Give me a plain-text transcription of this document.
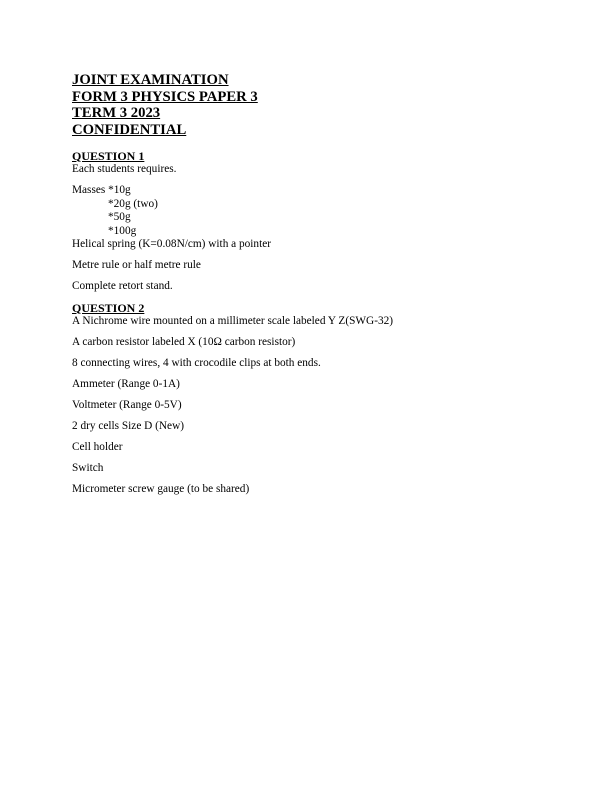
JOINT EXAMINATION

FORM 3 PHYSICS PAPER 3

TERM 3 2023

CONFIDENTIAL

QUESTION 1

Each students requires.

Masses *10g

*20g (two)

*50g

*100g

Helical spring (K=0.08N/cm) with a pointer

Metre rule or half metre rule

Complete retort stand.

QUESTION 2

A Nichrome wire mounted on a millimeter scale labeled Y Z(SWG-32)

A carbon resistor labeled X (10Ω carbon resistor)

8 connecting wires, 4 with crocodile clips at both ends.

Ammeter (Range 0-1A)

Voltmeter (Range 0-5V)

2 dry cells Size D (New)

Cell holder

Switch

Micrometer screw gauge (to be shared)
